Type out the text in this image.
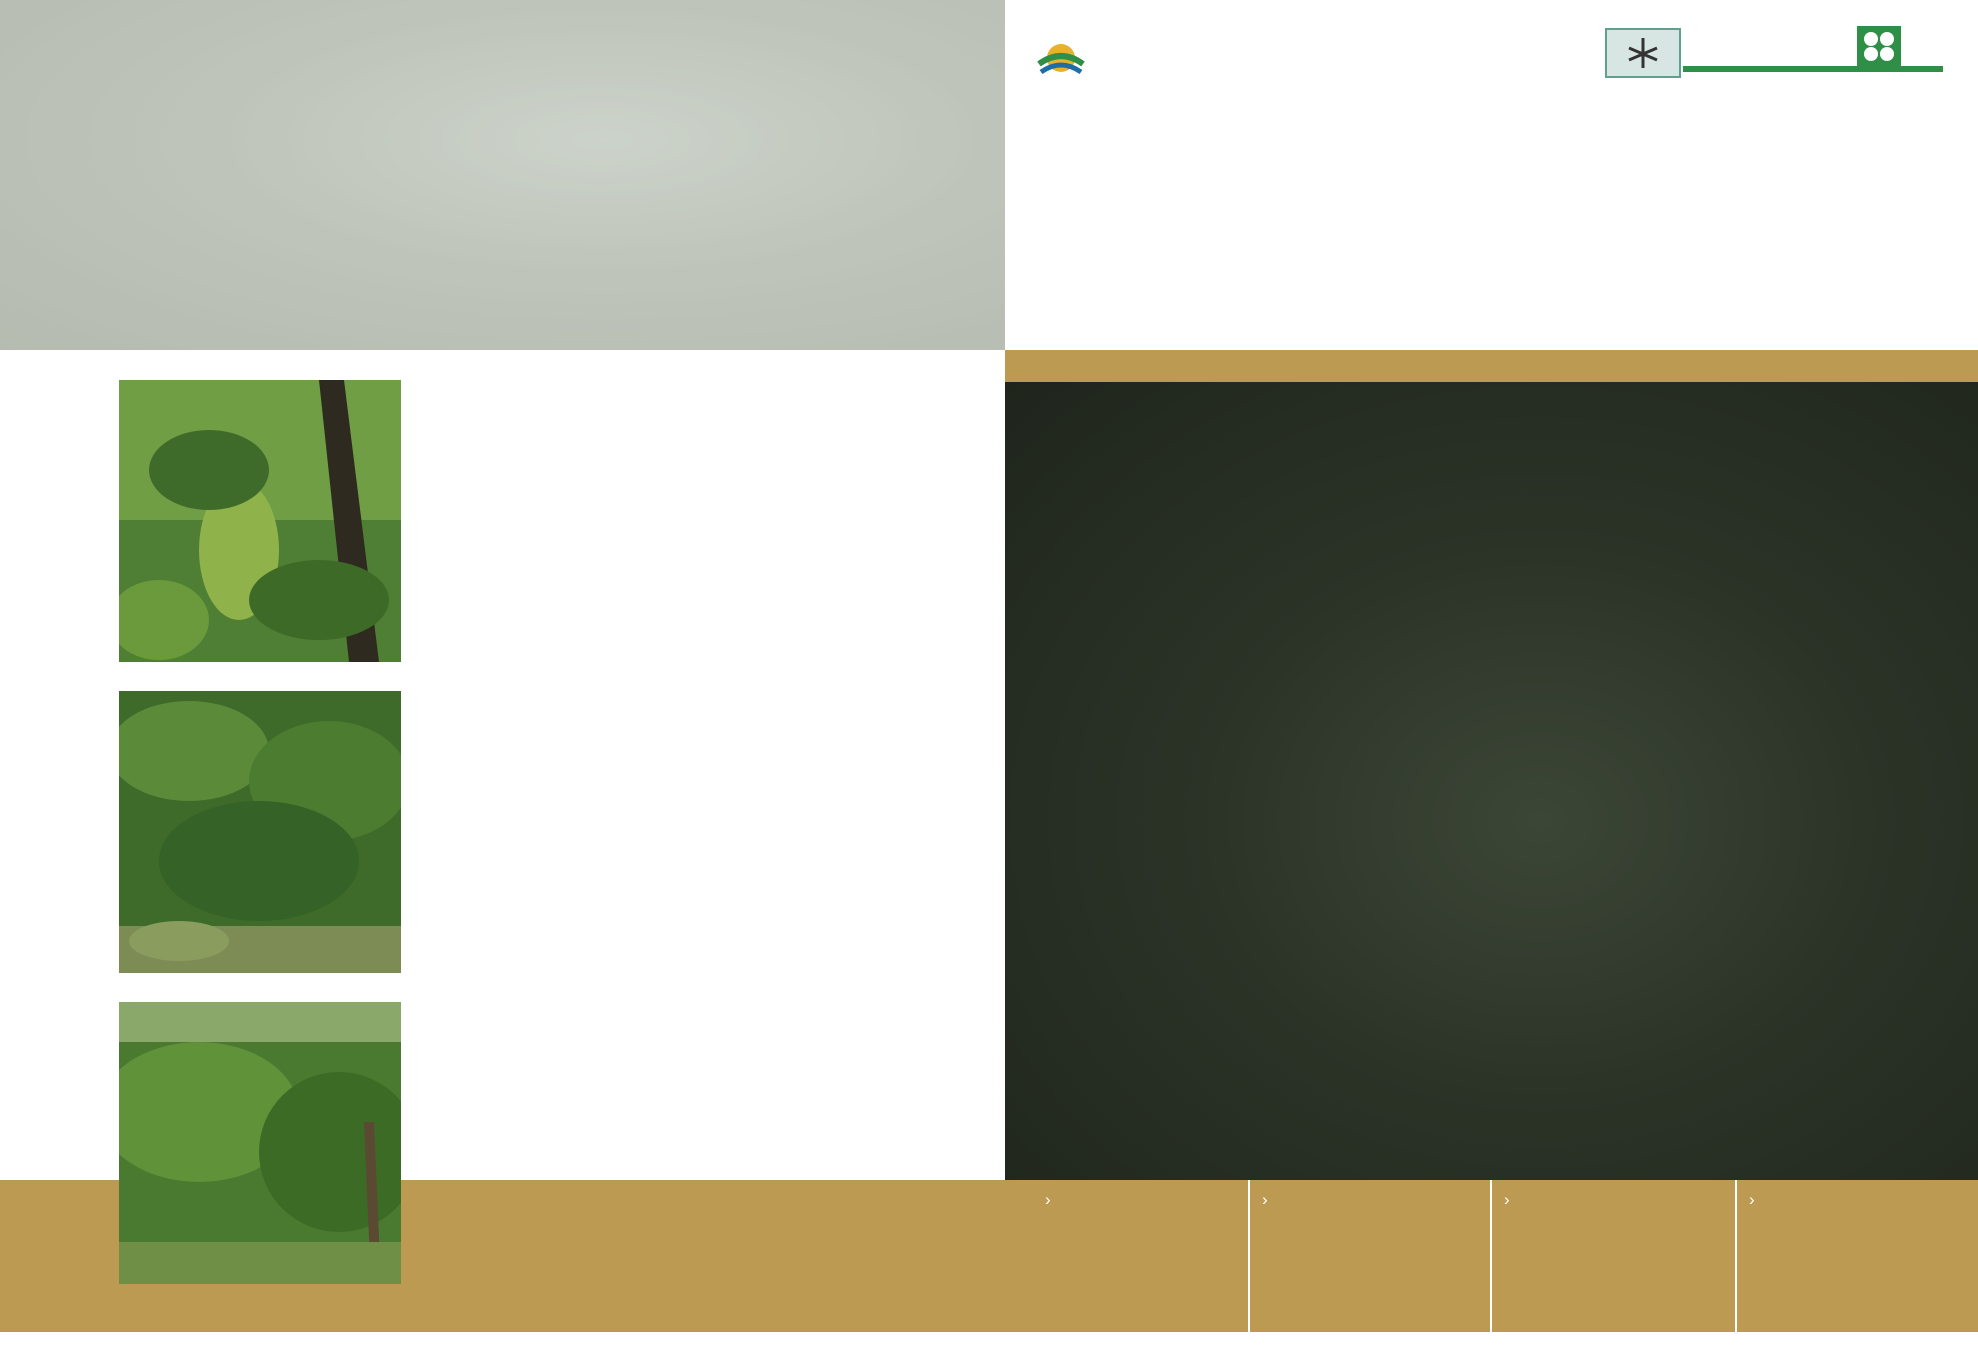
›	›	›	›
